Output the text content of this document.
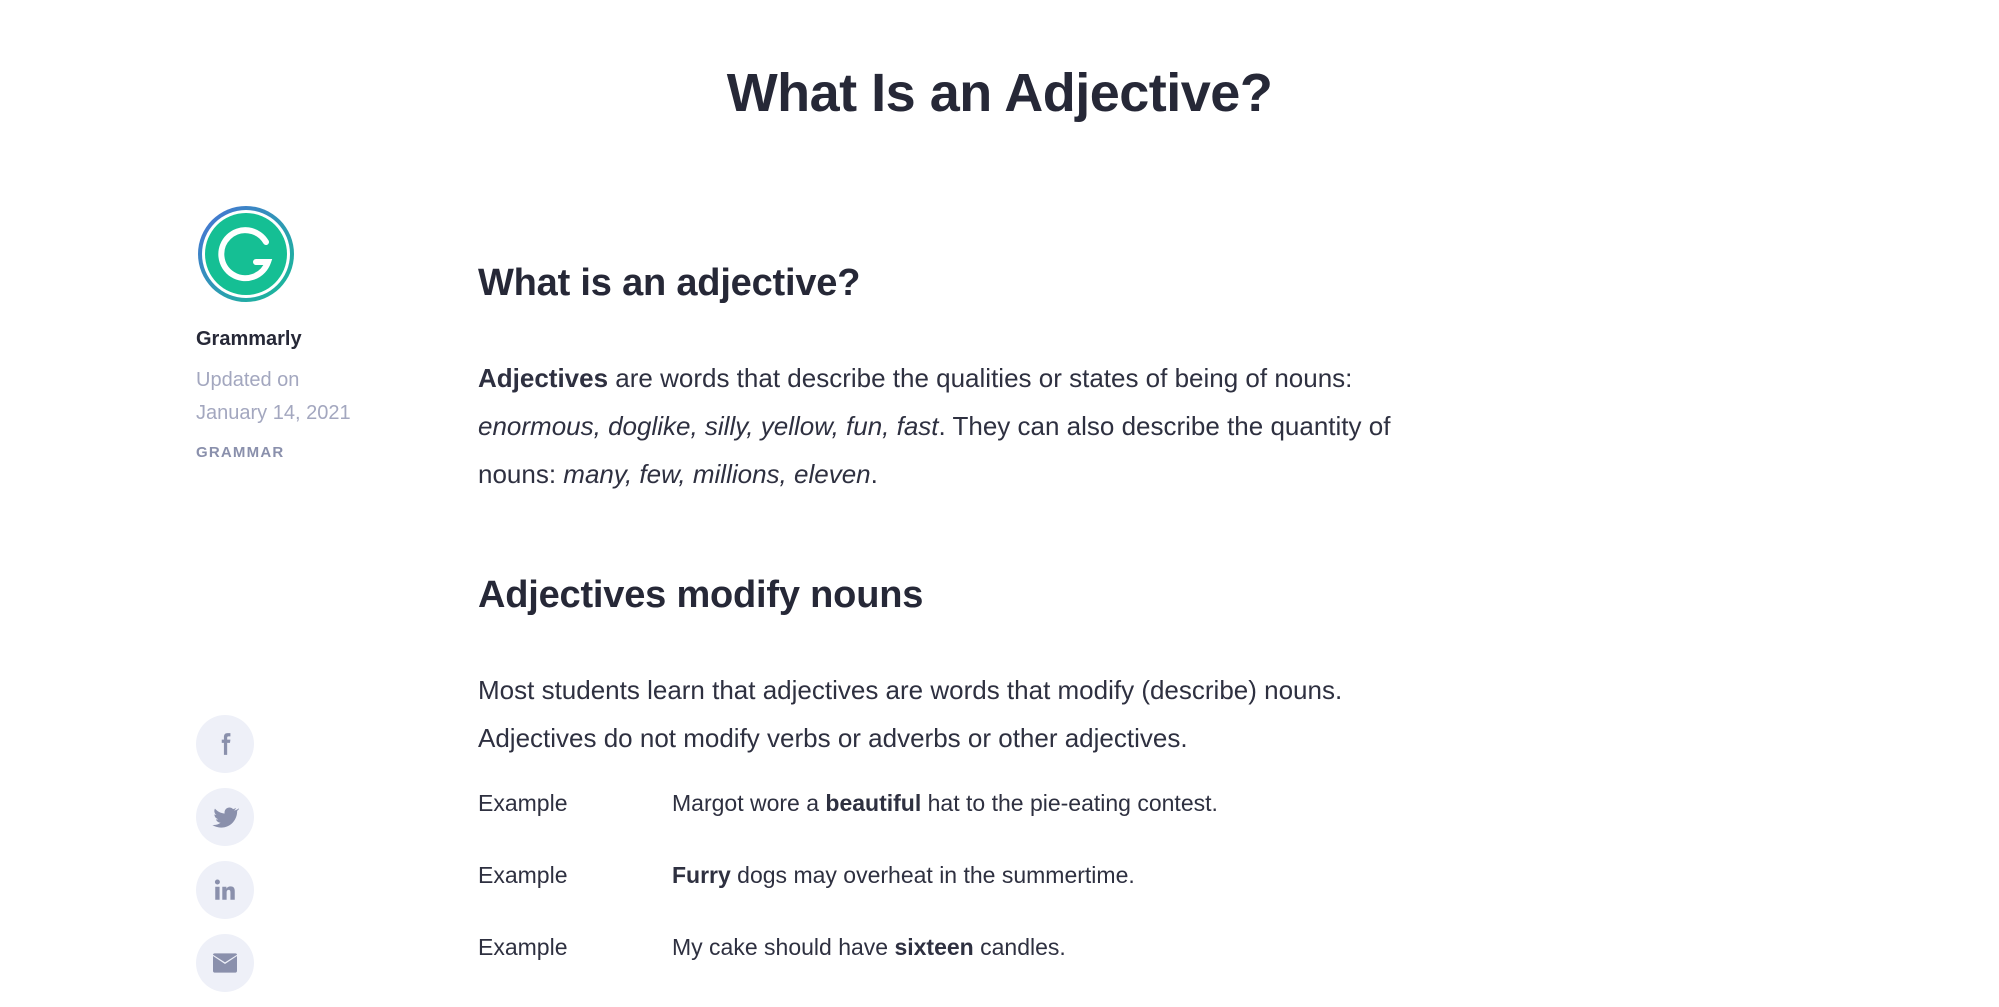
What Is an Adjective?
Grammarly
Updated on
January 14, 2021
GRAMMAR
What is an adjective?

Adjectives are words that describe the qualities or states of being of nouns:
enormous, doglike, silly, yellow, fun, fast. They can also describe the quantity of
nouns: many, few, millions, eleven.

Adjectives modify nouns

Most students learn that adjectives are words that modify (describe) nouns.
Adjectives do not modify verbs or adverbs or other adjectives.

Example	Margot wore a beautiful hat to the pie-eating contest.
Example	Furry dogs may overheat in the summertime.
Example	My cake should have sixteen candles.
